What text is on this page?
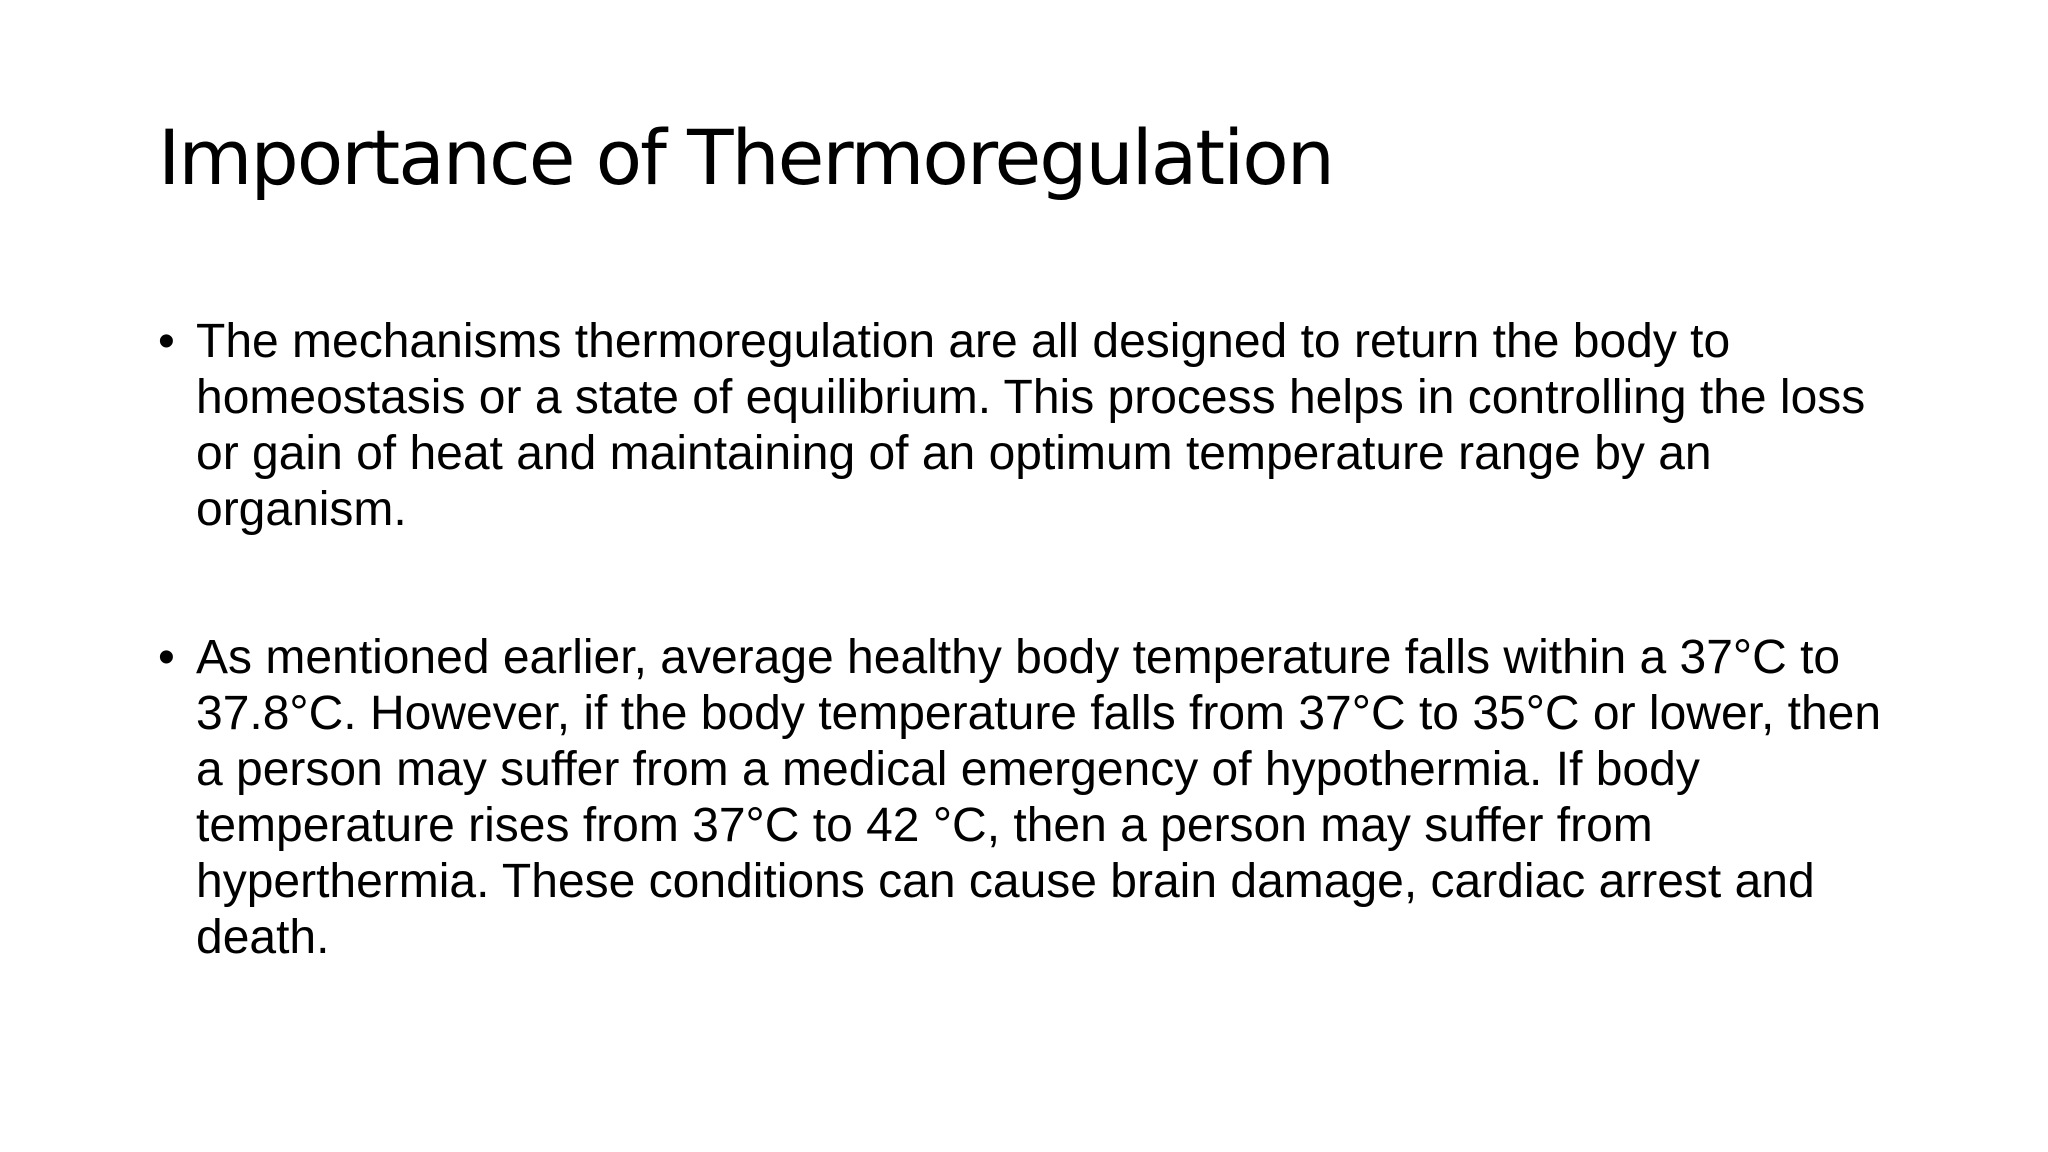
Importance of Thermoregulation
• The mechanisms thermoregulation are all designed to return the body to homeostasis or a state of equilibrium. This process helps in controlling the loss or gain of heat and maintaining of an optimum temperature range by an organism.
• As mentioned earlier, average healthy body temperature falls within a 37°C to 37.8°C. However, if the body temperature falls from 37°C to 35°C or lower, then a person may suffer from a medical emergency of hypothermia. If body temperature rises from 37°C to 42 °C, then a person may suffer from hyperthermia. These conditions can cause brain damage, cardiac arrest and death.
